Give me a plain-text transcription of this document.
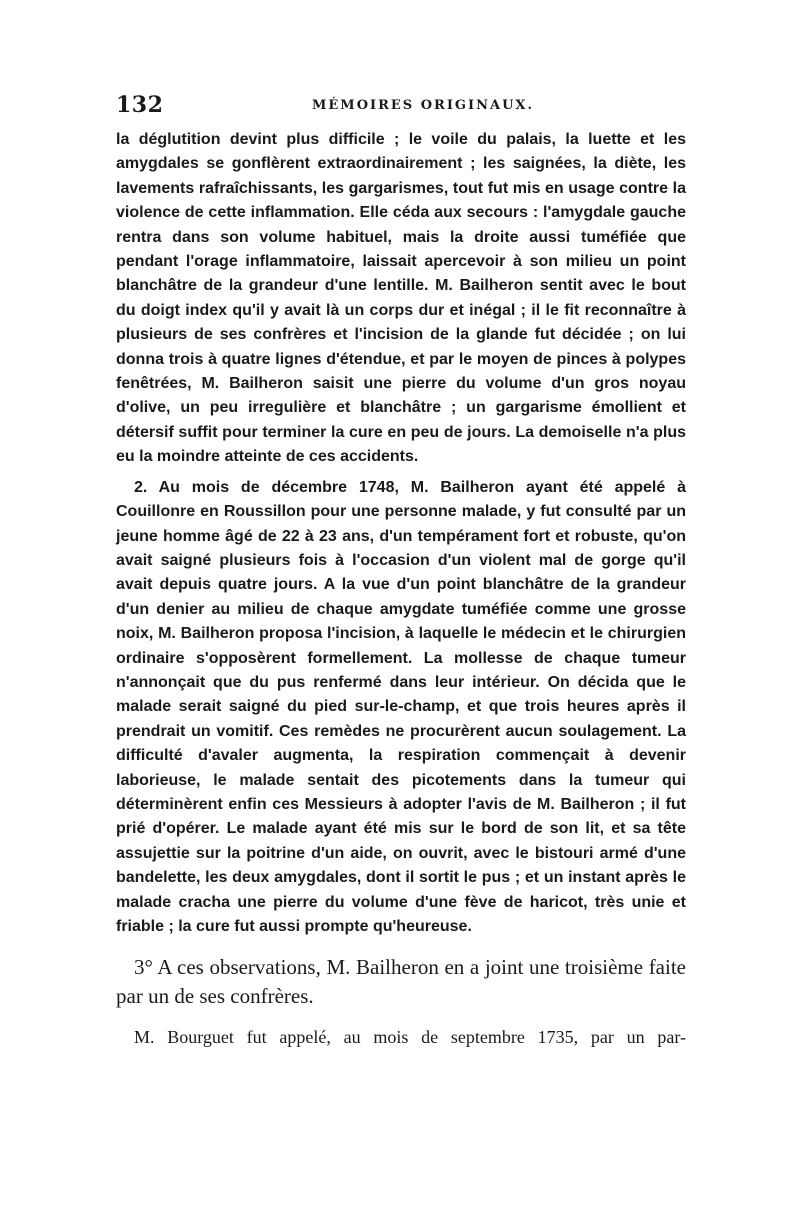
132	MÉMOIRES ORIGINAUX.

la déglutition devint plus difficile ; le voile du palais, la luette et les amygdales se gonflèrent extraordinairement ; les saignées, la diète, les lavements rafraîchissants, les gargarismes, tout fut mis en usage contre la violence de cette inflammation. Elle céda aux secours : l'amygdale gauche rentra dans son volume habituel, mais la droite aussi tuméfiée que pendant l'orage inflammatoire, laissait apercevoir à son milieu un point blanchâtre de la grandeur d'une lentille. M. Bailheron sentit avec le bout du doigt index qu'il y avait là un corps dur et inégal ; il le fit reconnaître à plusieurs de ses confrères et l'incision de la glande fut décidée ; on lui donna trois à quatre lignes d'étendue, et par le moyen de pinces à polypes fenêtrées, M. Bailheron saisit une pierre du volume d'un gros noyau d'olive, un peu irregulière et blanchâtre ; un gargarisme émollient et détersif suffit pour terminer la cure en peu de jours. La demoiselle n'a plus eu la moindre atteinte de ces accidents.

2. Au mois de décembre 1748, M. Bailheron ayant été appelé à Couillonre en Roussillon pour une personne malade, y fut consulté par un jeune homme âgé de 22 à 23 ans, d'un tempérament fort et robuste, qu'on avait saigné plusieurs fois à l'occasion d'un violent mal de gorge qu'il avait depuis quatre jours. A la vue d'un point blanchâtre de la grandeur d'un denier au milieu de chaque amygdate tuméfiée comme une grosse noix, M. Bailheron proposa l'incision, à laquelle le médecin et le chirurgien ordinaire s'opposèrent formellement. La mollesse de chaque tumeur n'annonçait que du pus renfermé dans leur intérieur. On décida que le malade serait saigné du pied sur-le-champ, et que trois heures après il prendrait un vomitif. Ces remèdes ne procurèrent aucun soulagement. La difficulté d'avaler augmenta, la respiration commençait à devenir laborieuse, le malade sentait des picotements dans la tumeur qui déterminèrent enfin ces Messieurs à adopter l'avis de M. Bailheron ; il fut prié d'opérer. Le malade ayant été mis sur le bord de son lit, et sa tête assujettie sur la poitrine d'un aide, on ouvrit, avec le bistouri armé d'une bandelette, les deux amygdales, dont il sortit le pus ; et un instant après le malade cracha une pierre du volume d'une fève de haricot, très unie et friable ; la cure fut aussi prompte qu'heureuse.

3° A ces observations, M. Bailheron en a joint une troisième faite par un de ses confrères.

M. Bourguet fut appelé, au mois de septembre 1735, par un par-
